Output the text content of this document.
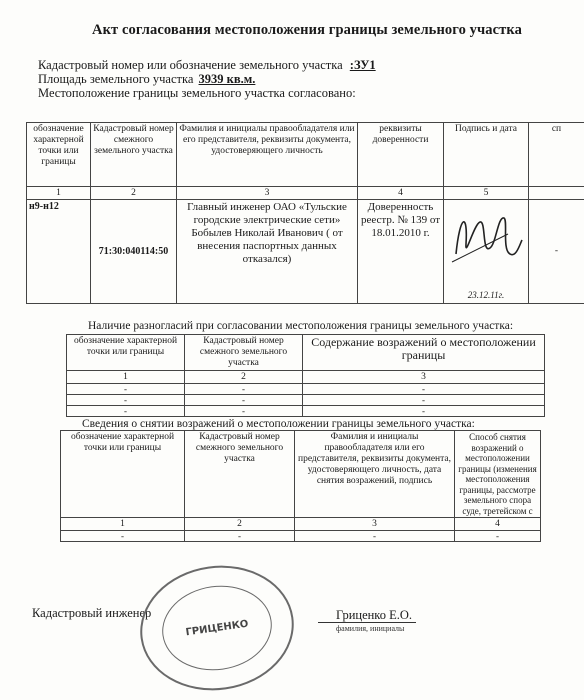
Акт согласования местоположения границы земельного участка
Кадастровый номер или обозначение земельного участка :ЗУ1
Площадь земельного участка 3939 кв.м.
Местоположение границы земельного участка согласовано:
обозначение характерной точки или границы	Кадастровый номер смежного земельного участка	Фамилия и инициалы правообладателя или его представителя, реквизиты документа, удостоверяющего личность	реквизиты доверенности	Подпись и дата	сп
1	2	3	4	5	
н9-н12	71:30:040114:50	Главный инженер ОАО «Тульские городские электрические сети» Бобылев Николай Иванович ( от внесения паспортных данных отказался)	Доверенность реестр. № 139 от 18.01.2010 г.	23.12.11г.	-
Наличие разногласий при согласовании местоположения границы земельного участка:
обозначение характерной точки или границы	Кадастровый номер смежного земельного участка	Содержание возражений о местоположении границы
1	2	3
-	-	-
-	-	-
-	-	-
Сведения о снятии возражений о местоположении границы земельного участка:
обозначение характерной точки или границы	Кадастровый номер смежного земельного участка	Фамилия и инициалы правообладателя или его представителя, реквизиты документа, удостоверяющего личность, дата снятия возражений, подпись	Способ снятия возражений о местоположении границы (изменения местоположения границы, рассмотре земельного спора суде, третейском с
1	2	3	4
-	-	-	-
Кадастровый инженер
ГРИЦЕНКО
Гриценко Е.О.
фамилия, инициалы
